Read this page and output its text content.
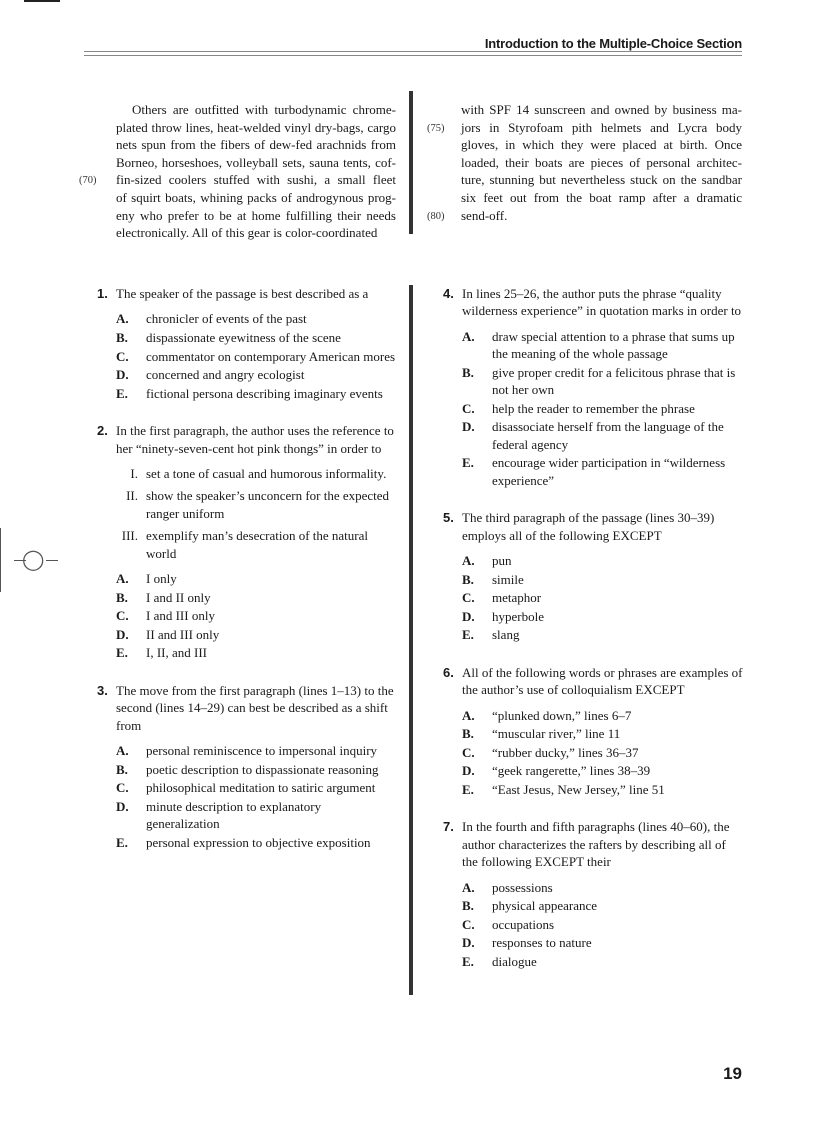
Introduction to the Multiple-Choice Section
◯
Others are outfitted with turbodynamic chrome-
plated throw lines, heat-welded vinyl dry-bags, cargo
nets spun from the fibers of dew-fed arachnids from
Borneo, horseshoes, volleyball sets, sauna tents, cof-
fin-sized coolers stuffed with sushi, a small fleet
(70)
of squirt boats, whining packs of androgynous prog-
eny who prefer to be at home fulfilling their needs
electronically. All of this gear is color-coordinated
with SPF 14 sunscreen and owned by business ma-
jors in Styrofoam pith helmets and Lycra body
(75)
gloves, in which they were placed at birth. Once
loaded, their boats are pieces of personal architec-
ture, stunning but nevertheless stuck on the sandbar
six feet out from the boat ramp after a dramatic
send-off.
(80)
1. The speaker of the passage is best described as a
A. chronicler of events of the past
B. dispassionate eyewitness of the scene
C. commentator on contemporary American mores
D. concerned and angry ecologist
E. fictional persona describing imaginary events
2. In the first paragraph, the author uses the reference to her “ninety-seven-cent hot pink thongs” in order to
I. set a tone of casual and humorous informality.
II. show the speaker’s unconcern for the expected ranger uniform
III. exemplify man’s desecration of the natural world
A. I only
B. I and II only
C. I and III only
D. II and III only
E. I, II, and III
3. The move from the first paragraph (lines 1–13) to the second (lines 14–29) can best be described as a shift from
A. personal reminiscence to impersonal inquiry
B. poetic description to dispassionate reasoning
C. philosophical meditation to satiric argument
D. minute description to explanatory generalization
E. personal expression to objective exposition
4. In lines 25–26, the author puts the phrase “quality wilderness experience” in quotation marks in order to
A. draw special attention to a phrase that sums up the meaning of the whole passage
B. give proper credit for a felicitous phrase that is not her own
C. help the reader to remember the phrase
D. disassociate herself from the language of the federal agency
E. encourage wider participation in “wilderness experience”
5. The third paragraph of the passage (lines 30–39) employs all of the following EXCEPT
A. pun
B. simile
C. metaphor
D. hyperbole
E. slang
6. All of the following words or phrases are examples of the author’s use of colloquialism EXCEPT
A. “plunked down,” lines 6–7
B. “muscular river,” line 11
C. “rubber ducky,” lines 36–37
D. “geek rangerette,” lines 38–39
E. “East Jesus, New Jersey,” line 51
7. In the fourth and fifth paragraphs (lines 40–60), the author characterizes the rafters by describing all of the following EXCEPT their
A. possessions
B. physical appearance
C. occupations
D. responses to nature
E. dialogue
19
